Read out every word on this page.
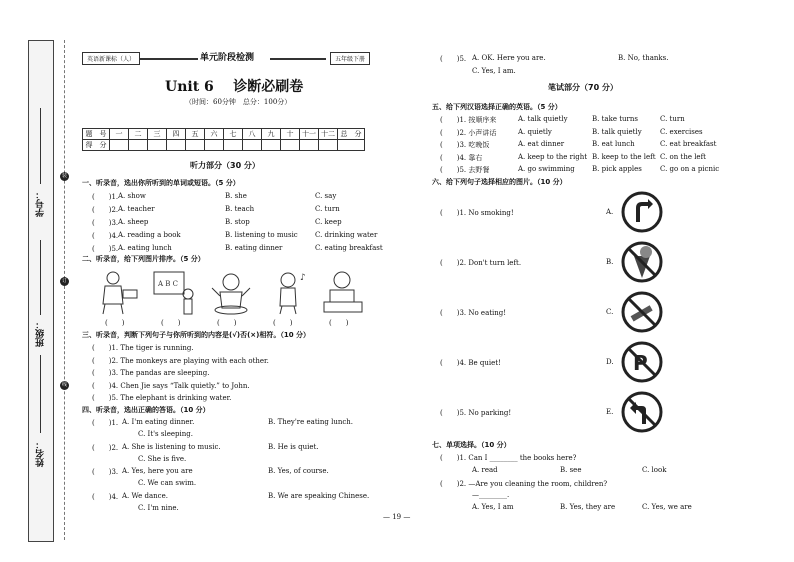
姓名：
班级：
学号：
装
订
线
英语新课标（人）	单元阶段检测	五年级下册
Unit 6 诊断必刷卷
（时间：60分钟　总分：100分）
题　号	一	二	三	四	五	六	七	八	九	十	十一	十二	总　分
得　分													
听力部分（30 分）
一、听录音，选出你所听到的单词或短语。（5 分）
(　　)1. A. show	B. she	C. say
(　　)2. A. teacher	B. teach	C. turn
(　　)3. A. sheep	B. stop	C. keep
(　　)4. A. reading a book	B. listening to music C. drinking water
(　　)5. A. eating lunch	B. eating dinner	C. eating breakfast
二、听录音，给下列图片排序。（5 分）
A B C
♪
(　　)	(　　)	(　　)	(　　)	(　　)
三、听录音，判断下列句子与你所听到的内容是(√)否(×)相符。（10 分）
(　　)1. The tiger is running.
(　　)2. The monkeys are playing with each other.
(　　)3. The pandas are sleeping.
(　　)4. Chen Jie says “Talk quietly.” to John.
(　　)5. The elephant is drinking water.
四、听录音，选出正确的答语。（10 分）
(　　)1. A. I'm eating dinner.	B. They're eating lunch.
C. It's sleeping.
(　　)2. A. She is listening to music.	B. He is quiet.
C. She is five.
(　　)3. A. Yes, here you are	B. Yes, of course.
C. We can swim.
(　　)4. A. We dance.	B. We are speaking Chinese.
C. I'm nine.
(　　)5. A. OK. Here you are.	B. No, thanks.
C. Yes, I am.
笔试部分（70 分）
五、给下列汉语选择正确的英语。（5 分）
(　　)1. 按顺序来	A. talk quietly	B. take turns	C. turn
(　　)2. 小声讲话	A. quietly	B. talk quietly	C. exercises
(　　)3. 吃晚饭	A. eat dinner	B. eat lunch	C. eat breakfast
(　　)4. 靠右	A. keep to the right B. keep to the left C. on the left
(　　)5. 去野餐	A. go swimming B. pick apples	C. go on a picnic
六、给下列句子选择相应的图片。（10 分）
(　　)1. No smoking!	A.
(　　)2. Don't turn left.	B.
(　　)3. No eating!	C.
(　　)4. Be quiet!	D.
(　　)5. No parking!	E.
P
七、单项选择。（10 分）
(　　)1. Can I ________ the books here?
A. read	B. see	C. look
(　　)2. —Are you cleaning the room, children?
—________.
A. Yes, I am	B. Yes, they are	C. Yes, we are
— 19 —
